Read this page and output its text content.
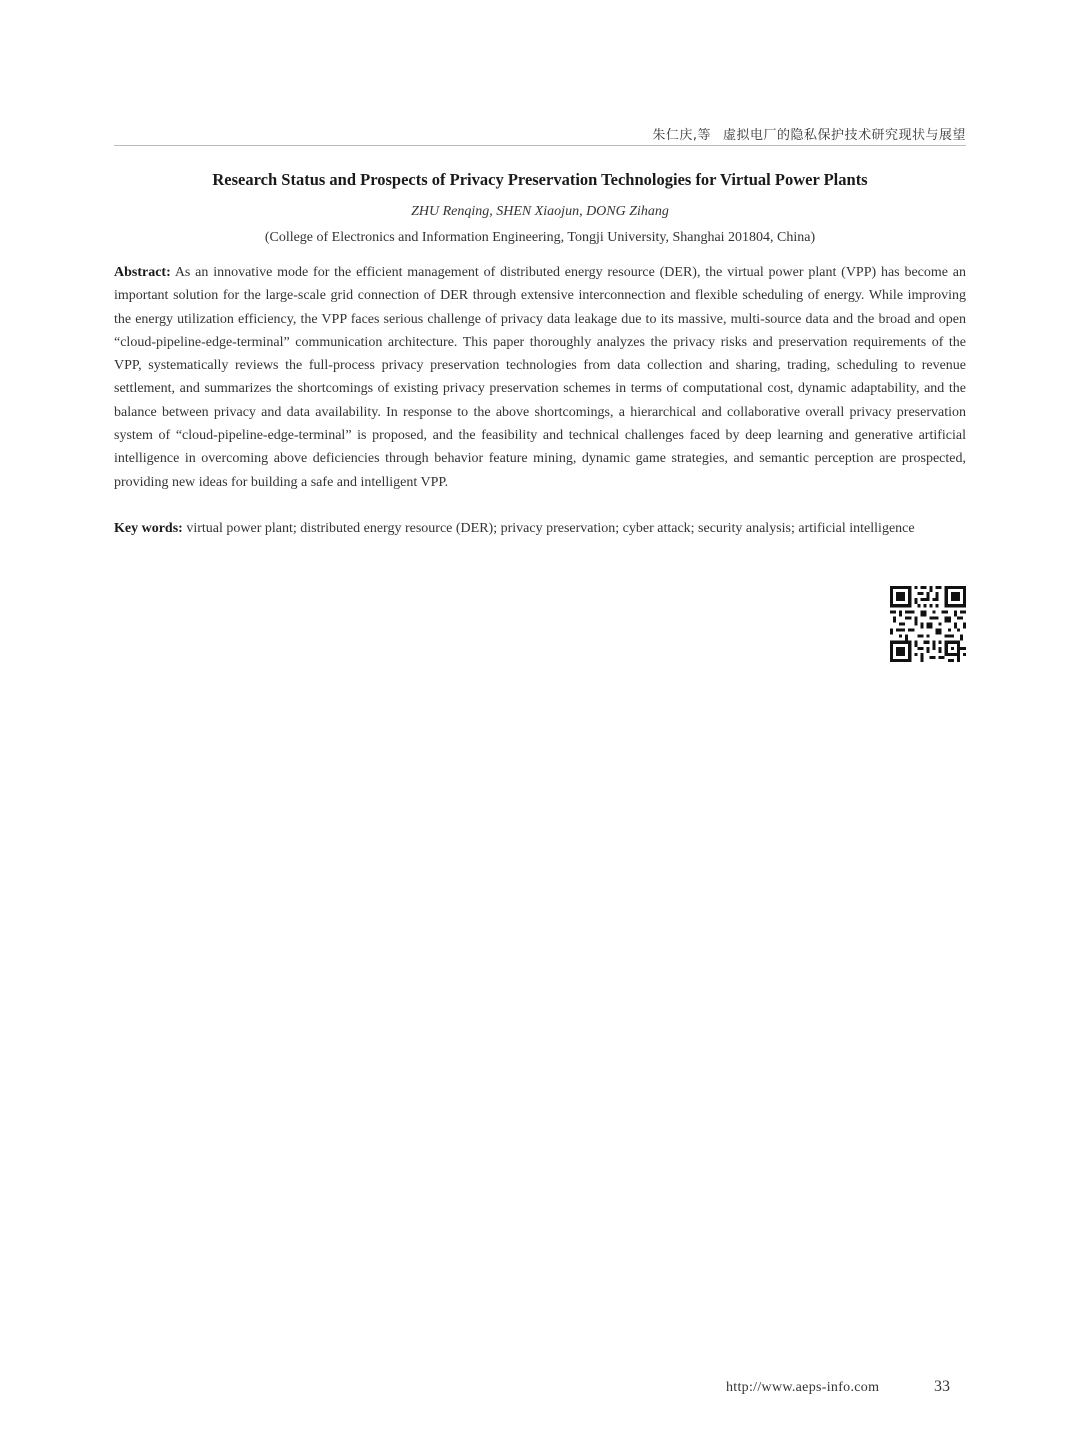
朱仁庆,等 虚拟电厂的隐私保护技术研究现状与展望
Research Status and Prospects of Privacy Preservation Technologies for Virtual Power Plants
ZHU Renqing, SHEN Xiaojun, DONG Zihang
(College of Electronics and Information Engineering, Tongji University, Shanghai 201804, China)

Abstract: As an innovative mode for the efficient management of distributed energy resource (DER), the virtual power plant (VPP) has become an important solution for the large-scale grid connection of DER through extensive interconnection and flexible scheduling of energy. While improving the energy utilization efficiency, the VPP faces serious challenge of privacy data leakage due to its massive, multi-source data and the broad and open “cloud-pipeline-edge-terminal” communication architecture. This paper thoroughly analyzes the privacy risks and preservation requirements of the VPP, systematically reviews the full-process privacy preservation technologies from data collection and sharing, trading, scheduling to revenue settlement, and summarizes the shortcomings of existing privacy preservation schemes in terms of computational cost, dynamic adaptability, and the balance between privacy and data availability. In response to the above shortcomings, a hierarchical and collaborative overall privacy preservation system of “cloud-pipeline-edge-terminal” is proposed, and the feasibility and technical challenges faced by deep learning and generative artificial intelligence in overcoming above deficiencies through behavior feature mining, dynamic game strategies, and semantic perception are prospected, providing new ideas for building a safe and intelligent VPP.

Key words: virtual power plant; distributed energy resource (DER); privacy preservation; cyber attack; security analysis; artificial intelligence

http://www.aeps-info.com	33
